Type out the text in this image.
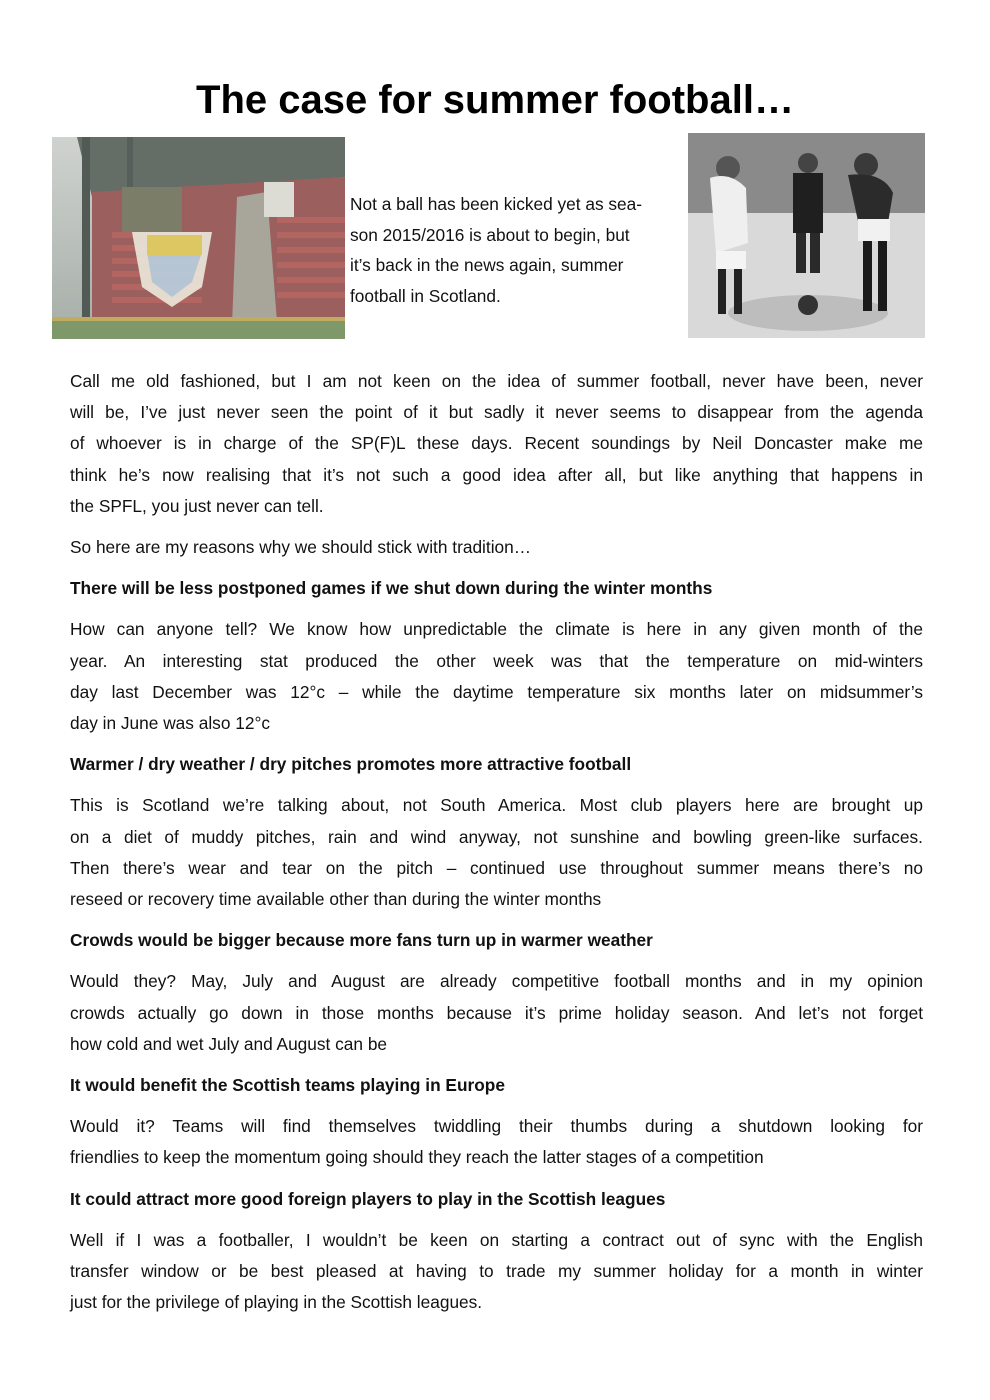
The case for summer football…
Not a ball has been kicked yet as sea-
son 2015/2016 is about to begin, but
it’s back in the news again, summer
football in Scotland.
Call me old fashioned, but I am not keen on the idea of summer football, never have been, never
will be, I’ve just never seen the point of it but sadly it never seems to disappear from the agenda
of whoever is in charge of the SP(F)L these days. Recent soundings by Neil Doncaster make me
think he’s now realising that it’s not such a good idea after all, but like anything that happens in
the SPFL, you just never can tell.
So here are my reasons why we should stick with tradition…
There will be less postponed games if we shut down during the winter months
How can anyone tell? We know how unpredictable the climate is here in any given month of the
year. An interesting stat produced the other week was that the temperature on mid-winters
day last December was 12°c – while the daytime temperature six months later on midsummer’s
day in June was also 12°c
Warmer / dry weather / dry pitches promotes more attractive football
This is Scotland we’re talking about, not South America. Most club players here are brought up
on a diet of muddy pitches, rain and wind anyway, not sunshine and bowling green-like surfaces.
Then there’s wear and tear on the pitch – continued use throughout summer means there’s no
reseed or recovery time available other than during the winter months
Crowds would be bigger because more fans turn up in warmer weather
Would they? May, July and August are already competitive football months and in my opinion
crowds actually go down in those months because it’s prime holiday season. And let’s not forget
how cold and wet July and August can be
It would benefit the Scottish teams playing in Europe
Would it? Teams will find themselves twiddling their thumbs during a shutdown looking for
friendlies to keep the momentum going should they reach the latter stages of a competition
It could attract more good foreign players to play in the Scottish leagues
Well if I was a footballer, I wouldn’t be keen on starting a contract out of sync with the English
transfer window or be best pleased at having to trade my summer holiday for a month in winter
just for the privilege of playing in the Scottish leagues.
